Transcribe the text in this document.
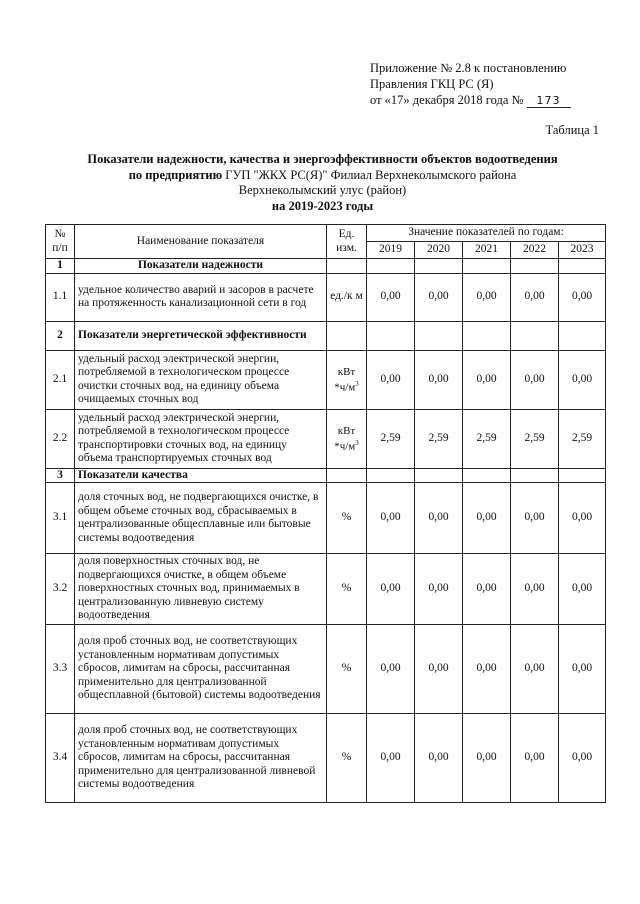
Приложение № 2.8 к постановлению
Правления ГКЦ РС (Я)
от «17» декабря 2018 года № 173
Таблица 1
Показатели надежности, качества и энергоэффективности объектов водоотведения
по предприятию ГУП "ЖКХ РС(Я)" Филиал Верхнеколымского района
Верхнеколымский улус (район)
на 2019-2023 годы
№ п/п	Наименование показателя	Ед. изм.	Значение показателей по годам:				
			2019	2020	2021	2022	2023
1	Показатели надежности						
1.1	удельное количество аварий и засоров в расчете на протяженность канализационной сети в год	ед./к м	0,00	0,00	0,00	0,00	0,00
2	Показатели энергетической эффективности						
2.1	удельный расход электрической энергии, потребляемой в технологическом процессе очистки сточных вод, на единицу объема очищаемых сточных вод	кВт $*ч/м^3$	0,00	0,00	0,00	0,00	0,00
2.2	удельный расход электрической энергии, потребляемой в технологическом процессе транспортировки сточных вод, на единицу объема транспортируемых сточных вод	кВт $*ч/м^3$	2,59	2,59	2,59	2,59	2,59
3	Показатели качества						
3.1	доля сточных вод, не подвергающихся очистке, в общем объеме сточных вод, сбрасываемых в централизованные общесплавные или бытовые системы водоотведения	%	0,00	0,00	0,00	0,00	0,00
3.2	доля поверхностных сточных вод, не подвергающихся очистке, в общем объеме поверхностных сточных вод, принимаемых в централизованную ливневую систему водоотведения	%	0,00	0,00	0,00	0,00	0,00
3.3	доля проб сточных вод, не соответствующих установленным нормативам допустимых сбросов, лимитам на сбросы, рассчитанная применительно для централизованной общесплавной (бытовой) системы водоотведения	%	0,00	0,00	0,00	0,00	0,00
3.4	доля проб сточных вод, не соответствующих установленным нормативам допустимых сбросов, лимитам на сбросы, рассчитанная применительно для централизованной ливневой системы водоотведения	%	0,00	0,00	0,00	0,00	0,00
